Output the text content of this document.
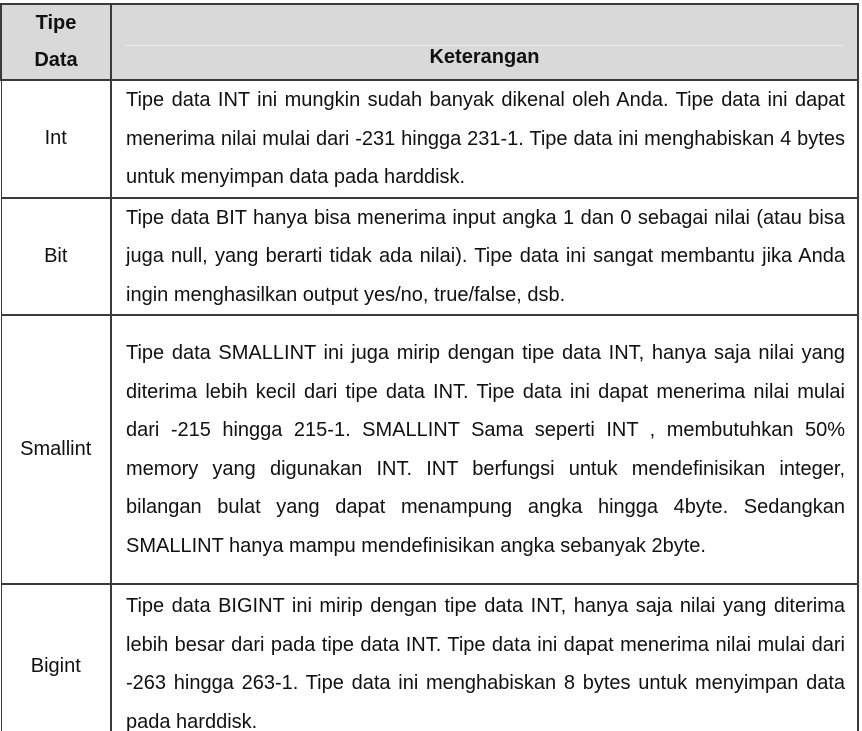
Tipe
Data	Keterangan

Int	Tipe data INT ini mungkin sudah banyak dikenal oleh Anda. Tipe data ini dapat menerima nilai mulai dari -231 hingga 231-1. Tipe data ini menghabiskan 4 bytes untuk menyimpan data pada harddisk.

Bit	Tipe data BIT hanya bisa menerima input angka 1 dan 0 sebagai nilai (atau bisa juga null, yang berarti tidak ada nilai). Tipe data ini sangat membantu jika Anda ingin menghasilkan output yes/no, true/false, dsb.

Smallint	Tipe data SMALLINT ini juga mirip dengan tipe data INT, hanya saja nilai yang diterima lebih kecil dari tipe data INT. Tipe data ini dapat menerima nilai mulai dari -215 hingga 215-1. SMALLINT Sama seperti INT , membutuhkan 50% memory yang digunakan INT. INT berfungsi untuk mendefinisikan integer, bilangan bulat yang dapat menampung angka hingga 4byte. Sedangkan SMALLINT hanya mampu mendefinisikan angka sebanyak 2byte.

Bigint	Tipe data BIGINT ini mirip dengan tipe data INT, hanya saja nilai yang diterima lebih besar dari pada tipe data INT. Tipe data ini dapat menerima nilai mulai dari -263 hingga 263-1. Tipe data ini menghabiskan 8 bytes untuk menyimpan data pada harddisk.
